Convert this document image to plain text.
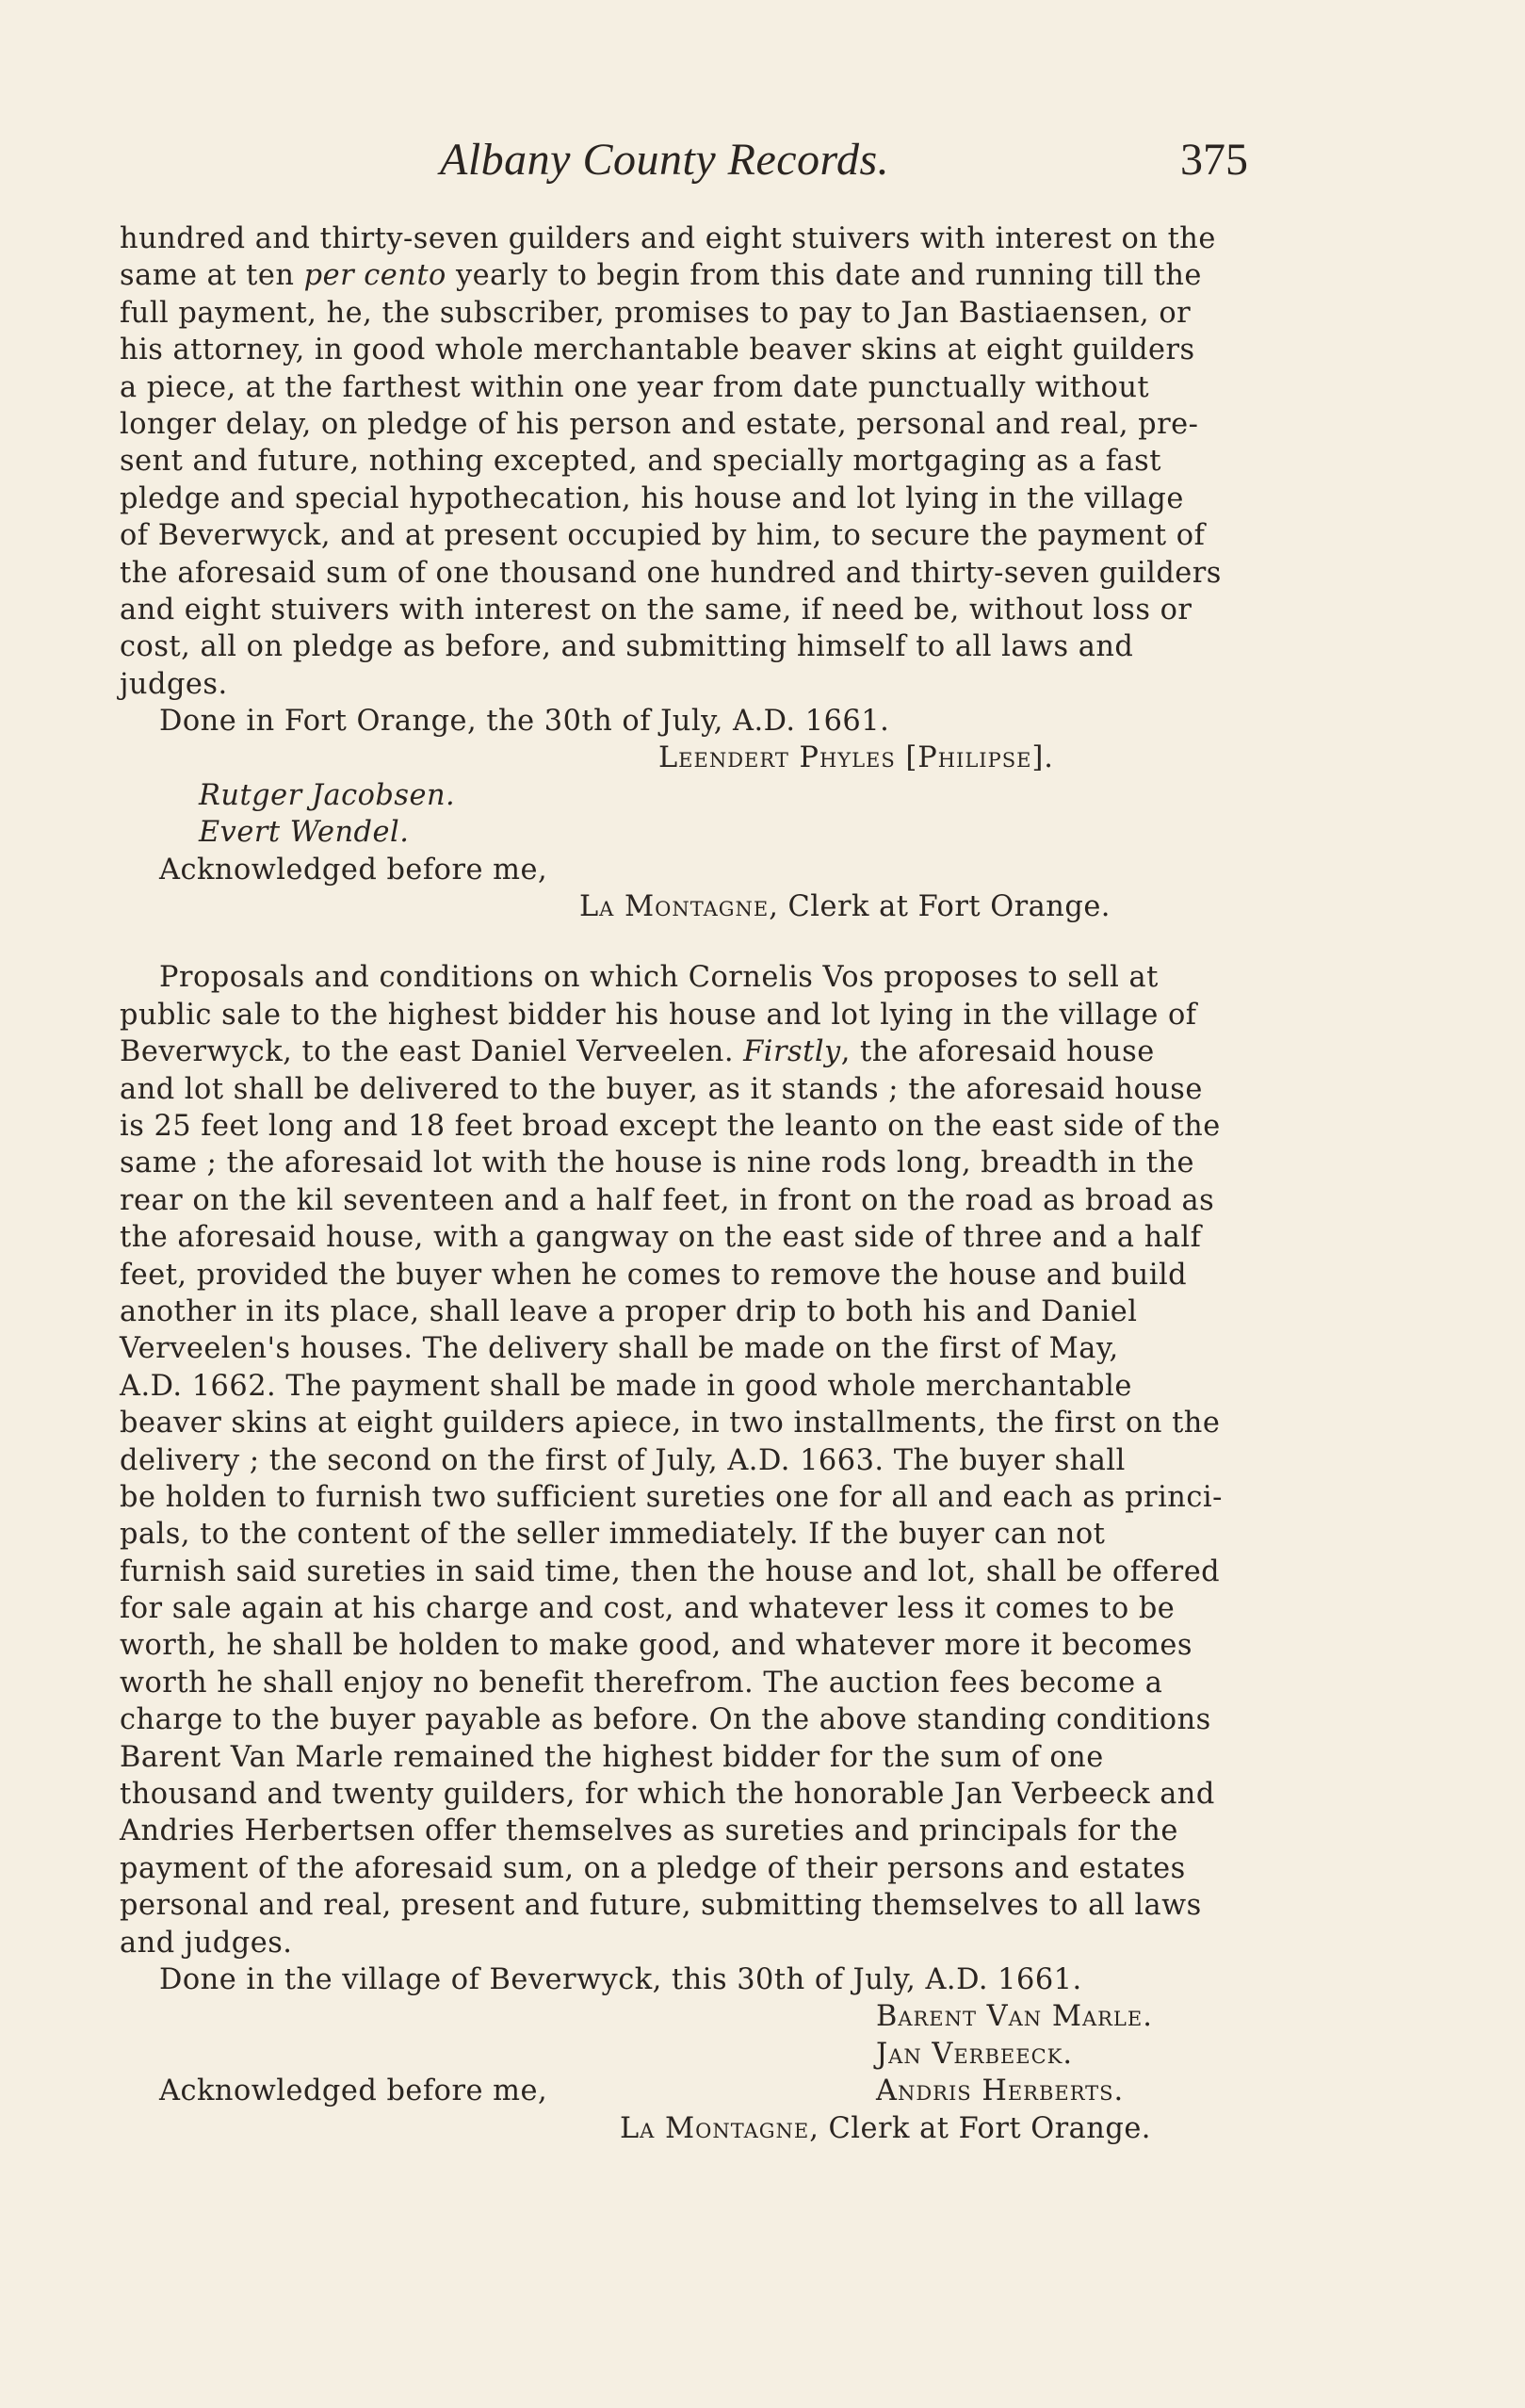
Albany County Records.	375
hundred and thirty-seven guilders and eight stuivers with interest on the
same at ten per cento yearly to begin from this date and running till the
full payment, he, the subscriber, promises to pay to Jan Bastiaensen, or
his attorney, in good whole merchantable beaver skins at eight guilders
a piece, at the farthest within one year from date punctually without
longer delay, on pledge of his person and estate, personal and real, pre-
sent and future, nothing excepted, and specially mortgaging as a fast
pledge and special hypothecation, his house and lot lying in the village
of Beverwyck, and at present occupied by him, to secure the payment of
the aforesaid sum of one thousand one hundred and thirty-seven guilders
and eight stuivers with interest on the same, if need be, without loss or
cost, all on pledge as before, and submitting himself to all laws and
judges.
Done in Fort Orange, the 30th of July, A.D. 1661.
Leendert Phyles [Philipse].
Rutger Jacobsen.
Evert Wendel.
Acknowledged before me,
La Montagne, Clerk at Fort Orange.
Proposals and conditions on which Cornelis Vos proposes to sell at
public sale to the highest bidder his house and lot lying in the village of
Beverwyck, to the east Daniel Verveelen. Firstly, the aforesaid house
and lot shall be delivered to the buyer, as it stands ; the aforesaid house
is 25 feet long and 18 feet broad except the leanto on the east side of the
same ; the aforesaid lot with the house is nine rods long, breadth in the
rear on the kil seventeen and a half feet, in front on the road as broad as
the aforesaid house, with a gangway on the east side of three and a half
feet, provided the buyer when he comes to remove the house and build
another in its place, shall leave a proper drip to both his and Daniel
Verveelen's houses. The delivery shall be made on the first of May,
A.D. 1662. The payment shall be made in good whole merchantable
beaver skins at eight guilders apiece, in two installments, the first on the
delivery ; the second on the first of July, A.D. 1663. The buyer shall
be holden to furnish two sufficient sureties one for all and each as princi-
pals, to the content of the seller immediately. If the buyer can not
furnish said sureties in said time, then the house and lot, shall be offered
for sale again at his charge and cost, and whatever less it comes to be
worth, he shall be holden to make good, and whatever more it becomes
worth he shall enjoy no benefit therefrom. The auction fees become a
charge to the buyer payable as before. On the above standing conditions
Barent Van Marle remained the highest bidder for the sum of one
thousand and twenty guilders, for which the honorable Jan Verbeeck and
Andries Herbertsen offer themselves as sureties and principals for the
payment of the aforesaid sum, on a pledge of their persons and estates
personal and real, present and future, submitting themselves to all laws
and judges.
Done in the village of Beverwyck, this 30th of July, A.D. 1661.
Barent Van Marle.
Jan Verbeeck.
Acknowledged before me,	Andris Herberts.
La Montagne, Clerk at Fort Orange.
